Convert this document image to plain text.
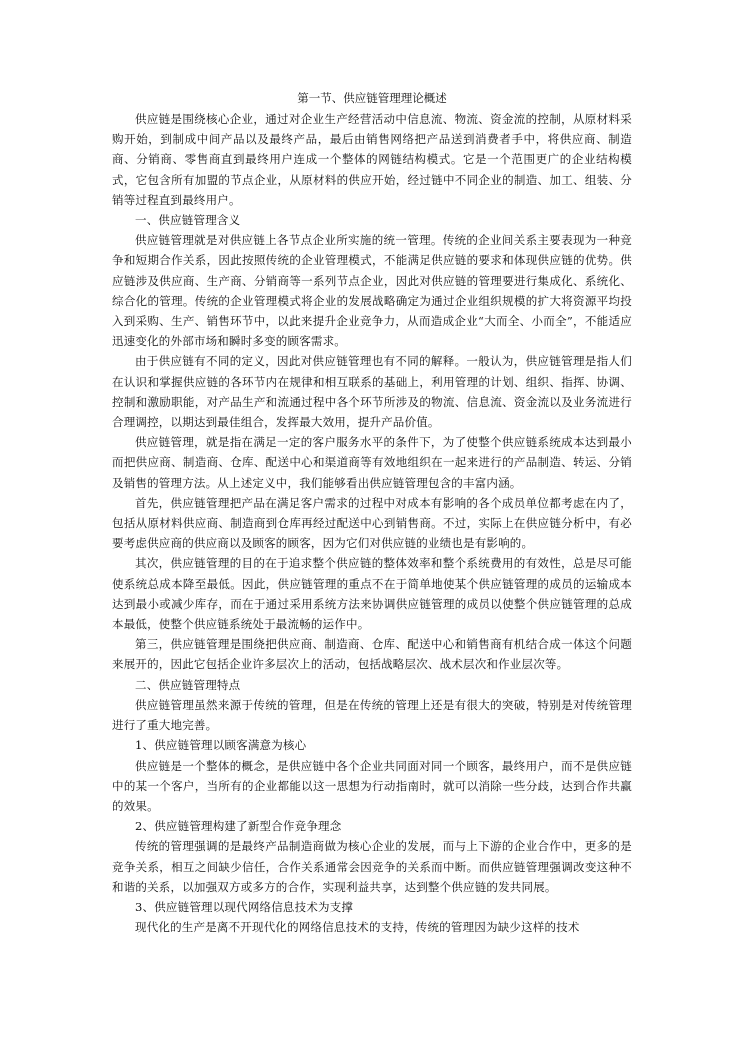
第一节、供应链管理理论概述

供应链是围绕核心企业，通过对企业生产经营活动中信息流、物流、资金流的控制，从原材料采购开始，到制成中间产品以及最终产品，最后由销售网络把产品送到消费者手中，将供应商、制造商、分销商、零售商直到最终用户连成一个整体的网链结构模式。它是一个范围更广的企业结构模式，它包含所有加盟的节点企业，从原材料的供应开始，经过链中不同企业的制造、加工、组装、分销等过程直到最终用户。

一、供应链管理含义

供应链管理就是对供应链上各节点企业所实施的统一管理。传统的企业间关系主要表现为一种竞争和短期合作关系，因此按照传统的企业管理模式，不能满足供应链的要求和体现供应链的优势。供应链涉及供应商、生产商、分销商等一系列节点企业，因此对供应链的管理要进行集成化、系统化、综合化的管理。传统的企业管理模式将企业的发展战略确定为通过企业组织规模的扩大将资源平均投入到采购、生产、销售环节中，以此来提升企业竞争力，从而造成企业“大而全、小而全”，不能适应迅速变化的外部市场和瞬时多变的顾客需求。

由于供应链有不同的定义，因此对供应链管理也有不同的解释。一般认为，供应链管理是指人们在认识和掌握供应链的各环节内在规律和相互联系的基础上，利用管理的计划、组织、指挥、协调、控制和激励职能，对产品生产和流通过程中各个环节所涉及的物流、信息流、资金流以及业务流进行合理调控，以期达到最佳组合，发挥最大效用，提升产品价值。

供应链管理，就是指在满足一定的客户服务水平的条件下，为了使整个供应链系统成本达到最小而把供应商、制造商、仓库、配送中心和渠道商等有效地组织在一起来进行的产品制造、转运、分销及销售的管理方法。从上述定义中，我们能够看出供应链管理包含的丰富内涵。

首先，供应链管理把产品在满足客户需求的过程中对成本有影响的各个成员单位都考虑在内了，包括从原材料供应商、制造商到仓库再经过配送中心到销售商。不过，实际上在供应链分析中，有必要考虑供应商的供应商以及顾客的顾客，因为它们对供应链的业绩也是有影响的。

其次，供应链管理的目的在于追求整个供应链的整体效率和整个系统费用的有效性，总是尽可能使系统总成本降至最低。因此，供应链管理的重点不在于简单地使某个供应链管理的成员的运输成本达到最小或减少库存，而在于通过采用系统方法来协调供应链管理的成员以使整个供应链管理的总成本最低，使整个供应链系统处于最流畅的运作中。

第三，供应链管理是围绕把供应商、制造商、仓库、配送中心和销售商有机结合成一体这个问题来展开的，因此它包括企业许多层次上的活动，包括战略层次、战术层次和作业层次等。

二、供应链管理特点

供应链管理虽然来源于传统的管理，但是在传统的管理上还是有很大的突破，特别是对传统管理进行了重大地完善。

1、供应链管理以顾客满意为核心

供应链是一个整体的概念，是供应链中各个企业共同面对同一个顾客，最终用户，而不是供应链中的某一个客户，当所有的企业都能以这一思想为行动指南时，就可以消除一些分歧，达到合作共赢的效果。

2、供应链管理构建了新型合作竞争理念

传统的管理强调的是最终产品制造商做为核心企业的发展，而与上下游的企业合作中，更多的是竞争关系，相互之间缺少信任，合作关系通常会因竞争的关系而中断。而供应链管理强调改变这种不和谐的关系，以加强双方或多方的合作，实现利益共享，达到整个供应链的发共同展。

3、供应链管理以现代网络信息技术为支撑

现代化的生产是离不开现代化的网络信息技术的支持，传统的管理因为缺少这样的技术
